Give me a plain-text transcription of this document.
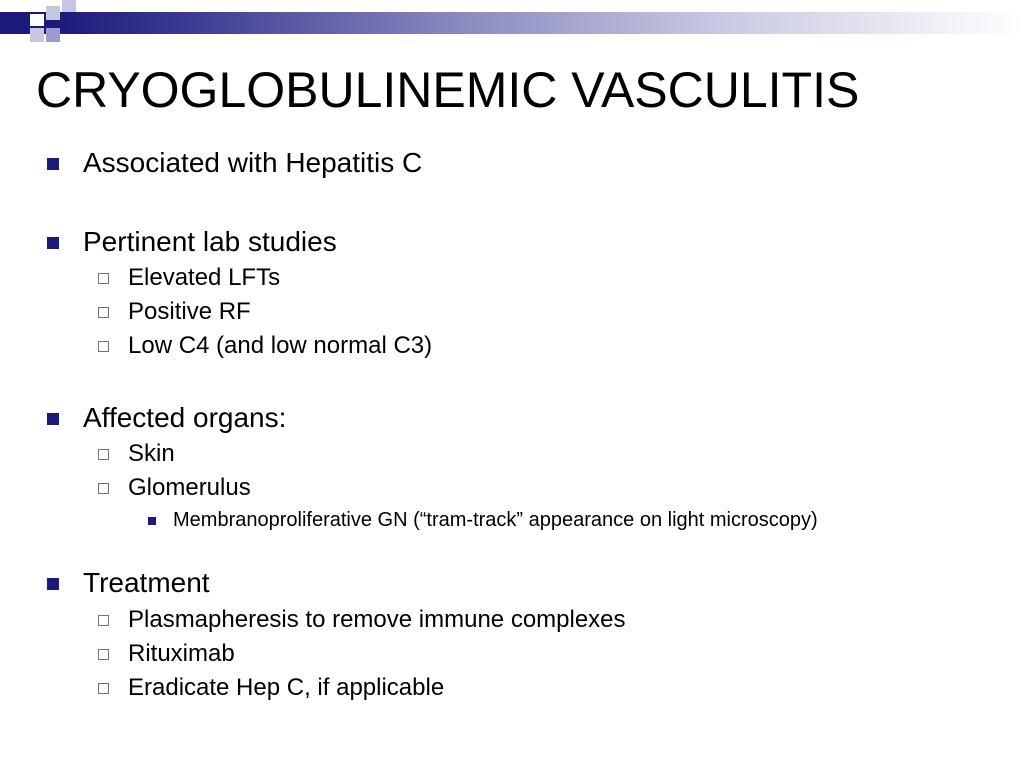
CRYOGLOBULINEMIC VASCULITIS
Associated with Hepatitis C
Pertinent lab studies
Elevated LFTs
Positive RF
Low C4 (and low normal C3)
Affected organs:
Skin
Glomerulus
Membranoproliferative GN (“tram-track” appearance on light microscopy)
Treatment
Plasmapheresis to remove immune complexes
Rituximab
Eradicate Hep C, if applicable
